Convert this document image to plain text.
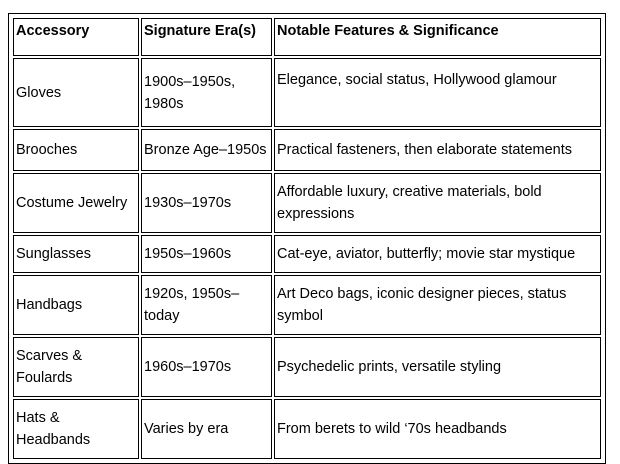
Accessory	Signature Era(s)	Notable Features & Significance
Gloves	1900s–1950s, 1980s	Elegance, social status, Hollywood glamour
Brooches	Bronze Age–1950s	Practical fasteners, then elaborate statements
Costume Jewelry	1930s–1970s	Affordable luxury, creative materials, bold expressions
Sunglasses	1950s–1960s	Cat-eye, aviator, butterfly; movie star mystique
Handbags	1920s, 1950s–today	Art Deco bags, iconic designer pieces, status symbol
Scarves & Foulards	1960s–1970s	Psychedelic prints, versatile styling
Hats & Headbands	Varies by era	From berets to wild ‘70s headbands
